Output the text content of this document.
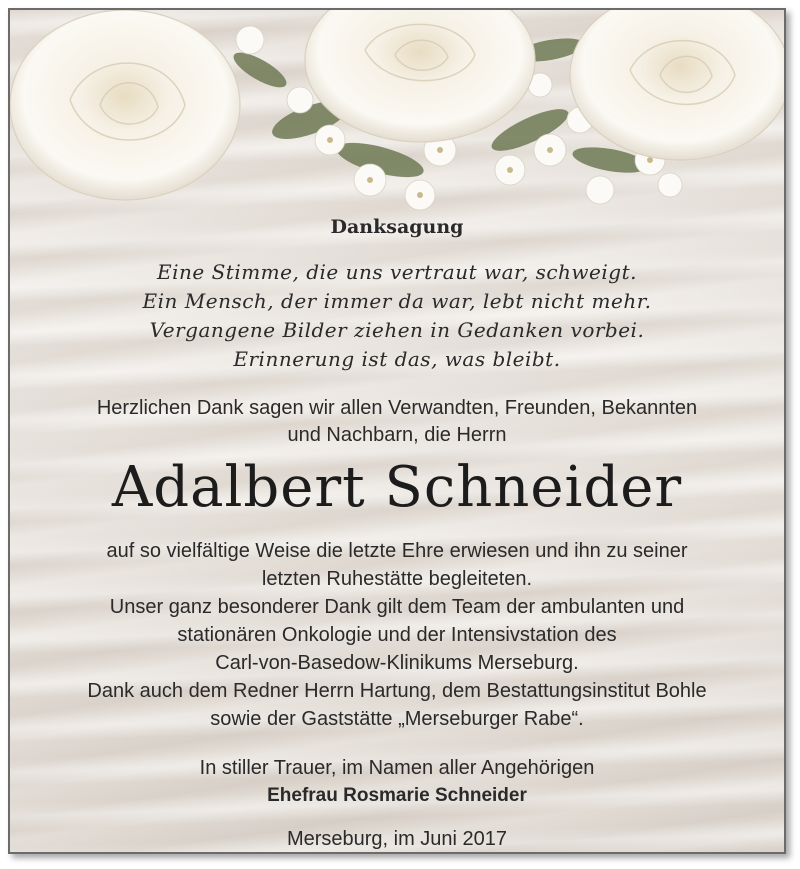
Danksagung

Eine Stimme, die uns vertraut war, schweigt.

Ein Mensch, der immer da war, lebt nicht mehr.

Vergangene Bilder ziehen in Gedanken vorbei.

Erinnerung ist das, was bleibt.

Herzlichen Dank sagen wir allen Verwandten, Freunden, Bekannten

und Nachbarn, die Herrn

Adalbert Schneider

auf so vielfältige Weise die letzte Ehre erwiesen und ihn zu seiner

letzten Ruhestätte begleiteten.

Unser ganz besonderer Dank gilt dem Team der ambulanten und

stationären Onkologie und der Intensivstation des

Carl-von-Basedow-Klinikums Merseburg.

Dank auch dem Redner Herrn Hartung, dem Bestattungsinstitut Bohle

sowie der Gaststätte „Merseburger Rabe“.

In stiller Trauer, im Namen aller Angehörigen

Ehefrau Rosmarie Schneider

Merseburg, im Juni 2017
